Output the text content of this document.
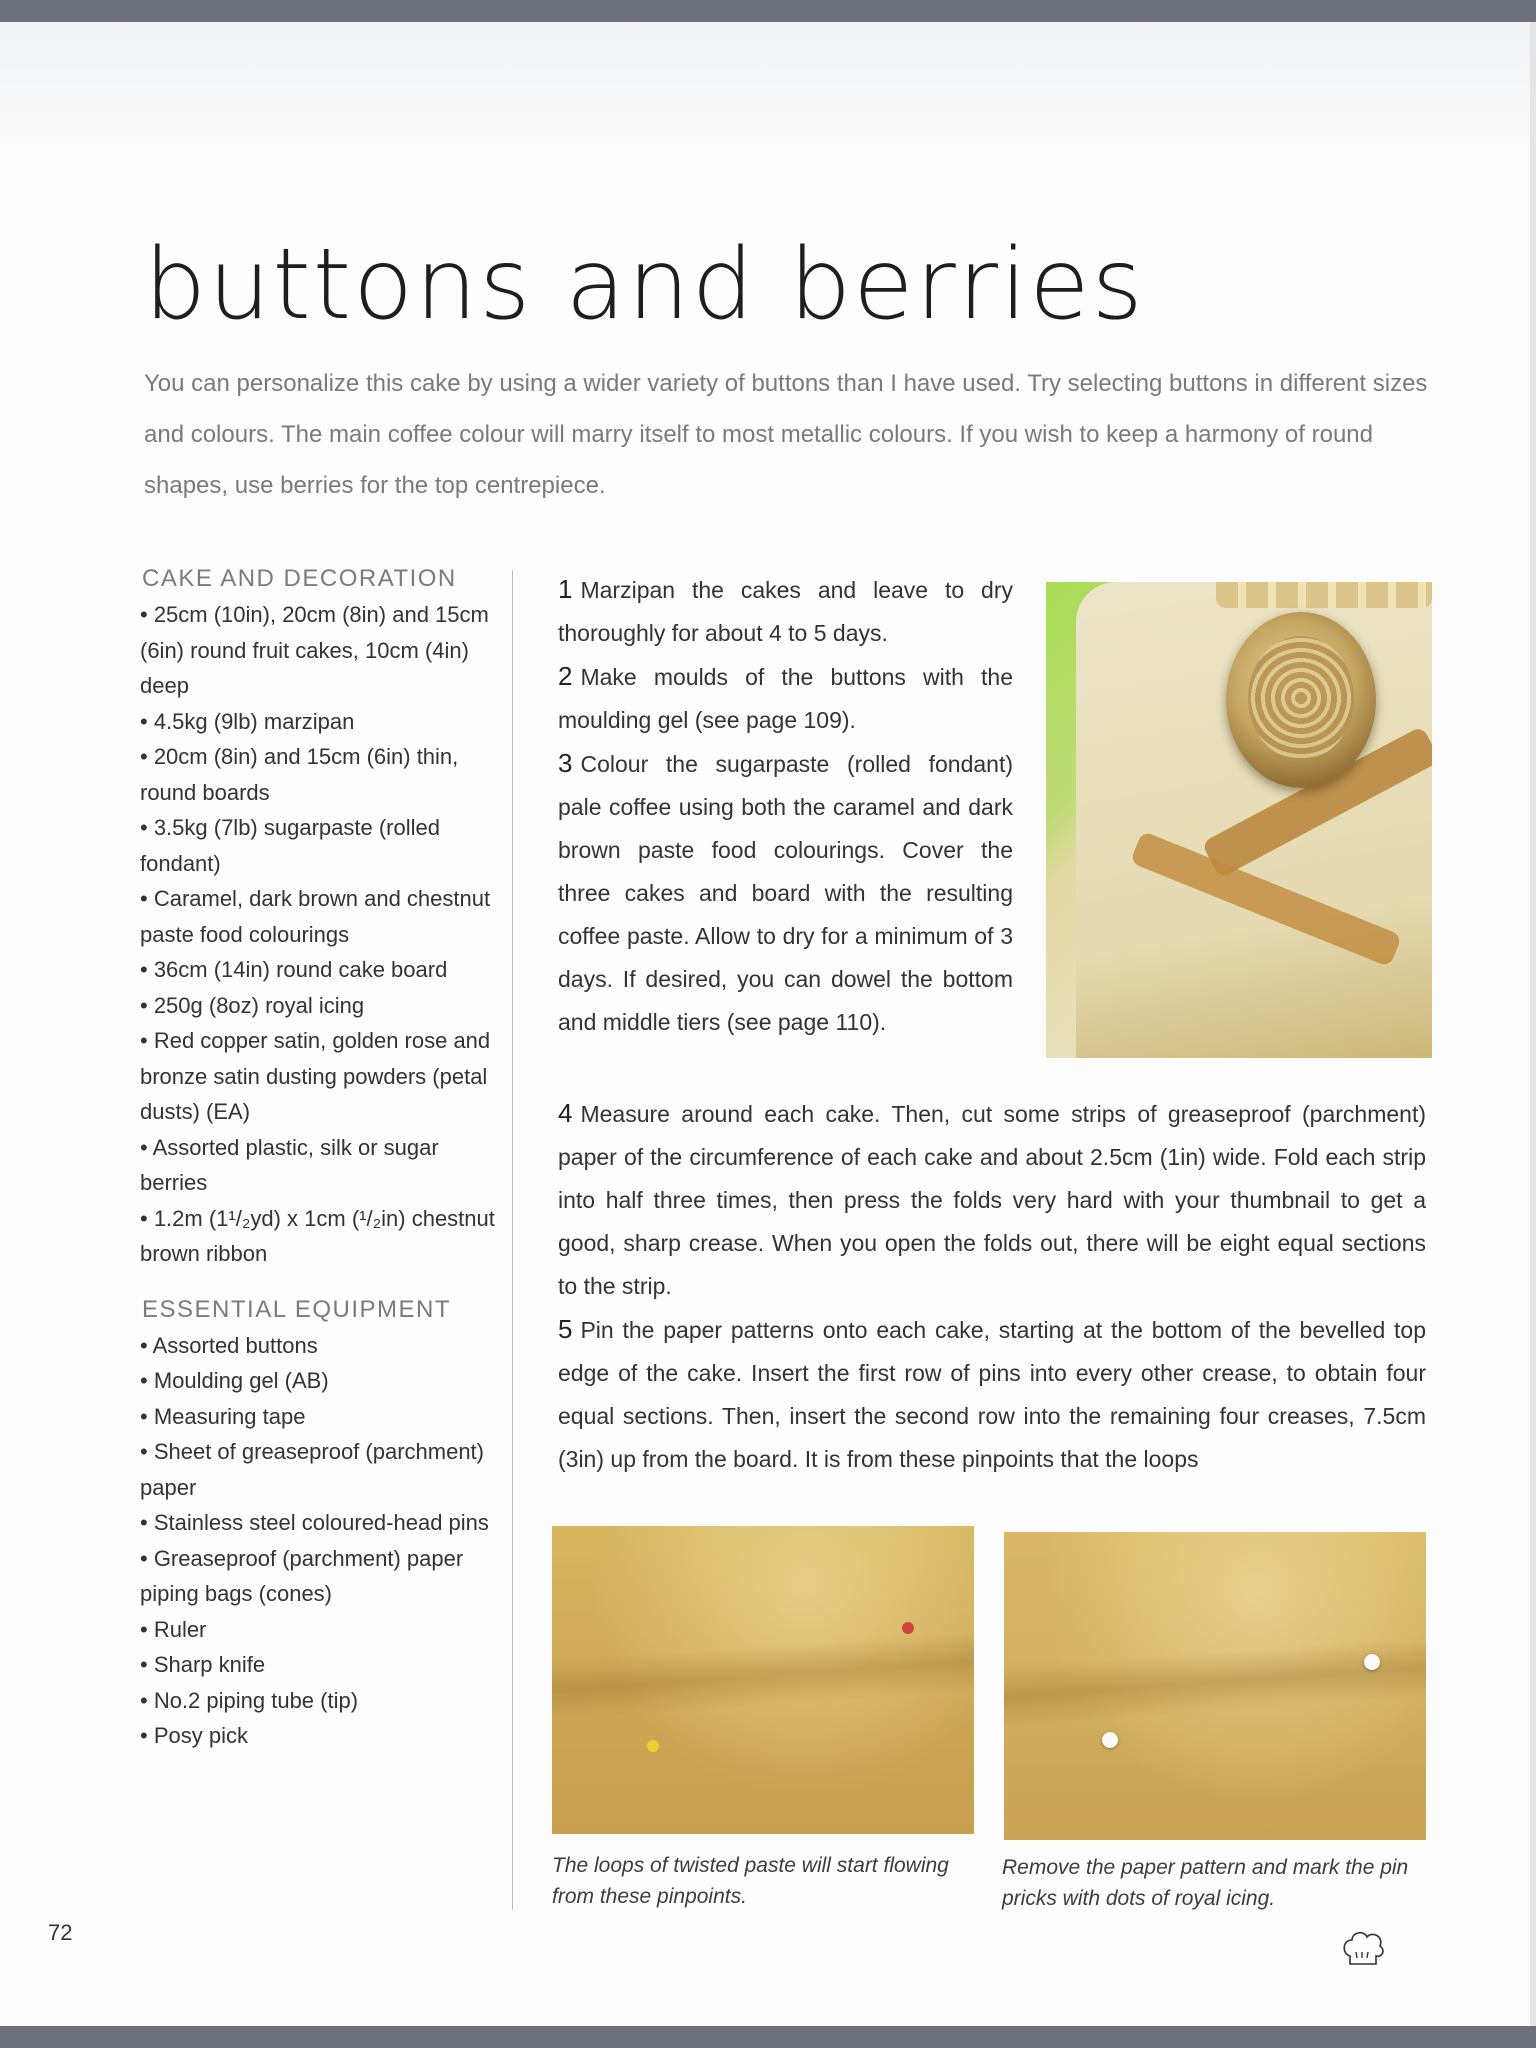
buttons and berries

You can personalize this cake by using a wider variety of buttons than I have used. Try selecting buttons in different sizes and colours. The main coffee colour will marry itself to most metallic colours. If you wish to keep a harmony of round shapes, use berries for the top centrepiece.

CAKE AND DECORATION

• 25cm (10in), 20cm (8in) and 15cm (6in) round fruit cakes, 10cm (4in) deep

• 4.5kg (9lb) marzipan

• 20cm (8in) and 15cm (6in) thin, round boards

• 3.5kg (7lb) sugarpaste (rolled fondant)

• Caramel, dark brown and chestnut paste food colourings

• 36cm (14in) round cake board

• 250g (8oz) royal icing

• Red copper satin, golden rose and bronze satin dusting powders (petal dusts) (EA)

• Assorted plastic, silk or sugar berries

• 1.2m (1¹/₂yd) x 1cm (¹/₂in) chestnut brown ribbon

ESSENTIAL EQUIPMENT

• Assorted buttons

• Moulding gel (AB)

• Measuring tape

• Sheet of greaseproof (parchment) paper

• Stainless steel coloured-head pins

• Greaseproof (parchment) paper piping bags (cones)

• Ruler

• Sharp knife

• No.2 piping tube (tip)

• Posy pick

1 Marzipan the cakes and leave to dry thoroughly for about 4 to 5 days.

2 Make moulds of the buttons with the moulding gel (see page 109).

3 Colour the sugarpaste (rolled fondant) pale coffee using both the caramel and dark brown paste food colourings. Cover the three cakes and board with the resulting coffee paste. Allow to dry for a minimum of 3 days. If desired, you can dowel the bottom and middle tiers (see page 110).

4 Measure around each cake. Then, cut some strips of greaseproof (parchment) paper of the circumference of each cake and about 2.5cm (1in) wide. Fold each strip into half three times, then press the folds very hard with your thumbnail to get a good, sharp crease. When you open the folds out, there will be eight equal sections to the strip.

5 Pin the paper patterns onto each cake, starting at the bottom of the bevelled top edge of the cake. Insert the first row of pins into every other crease, to obtain four equal sections. Then, insert the second row into the remaining four creases, 7.5cm (3in) up from the board. It is from these pinpoints that the loops

The loops of twisted paste will start flowing from these pinpoints.

Remove the paper pattern and mark the pin pricks with dots of royal icing.

72
